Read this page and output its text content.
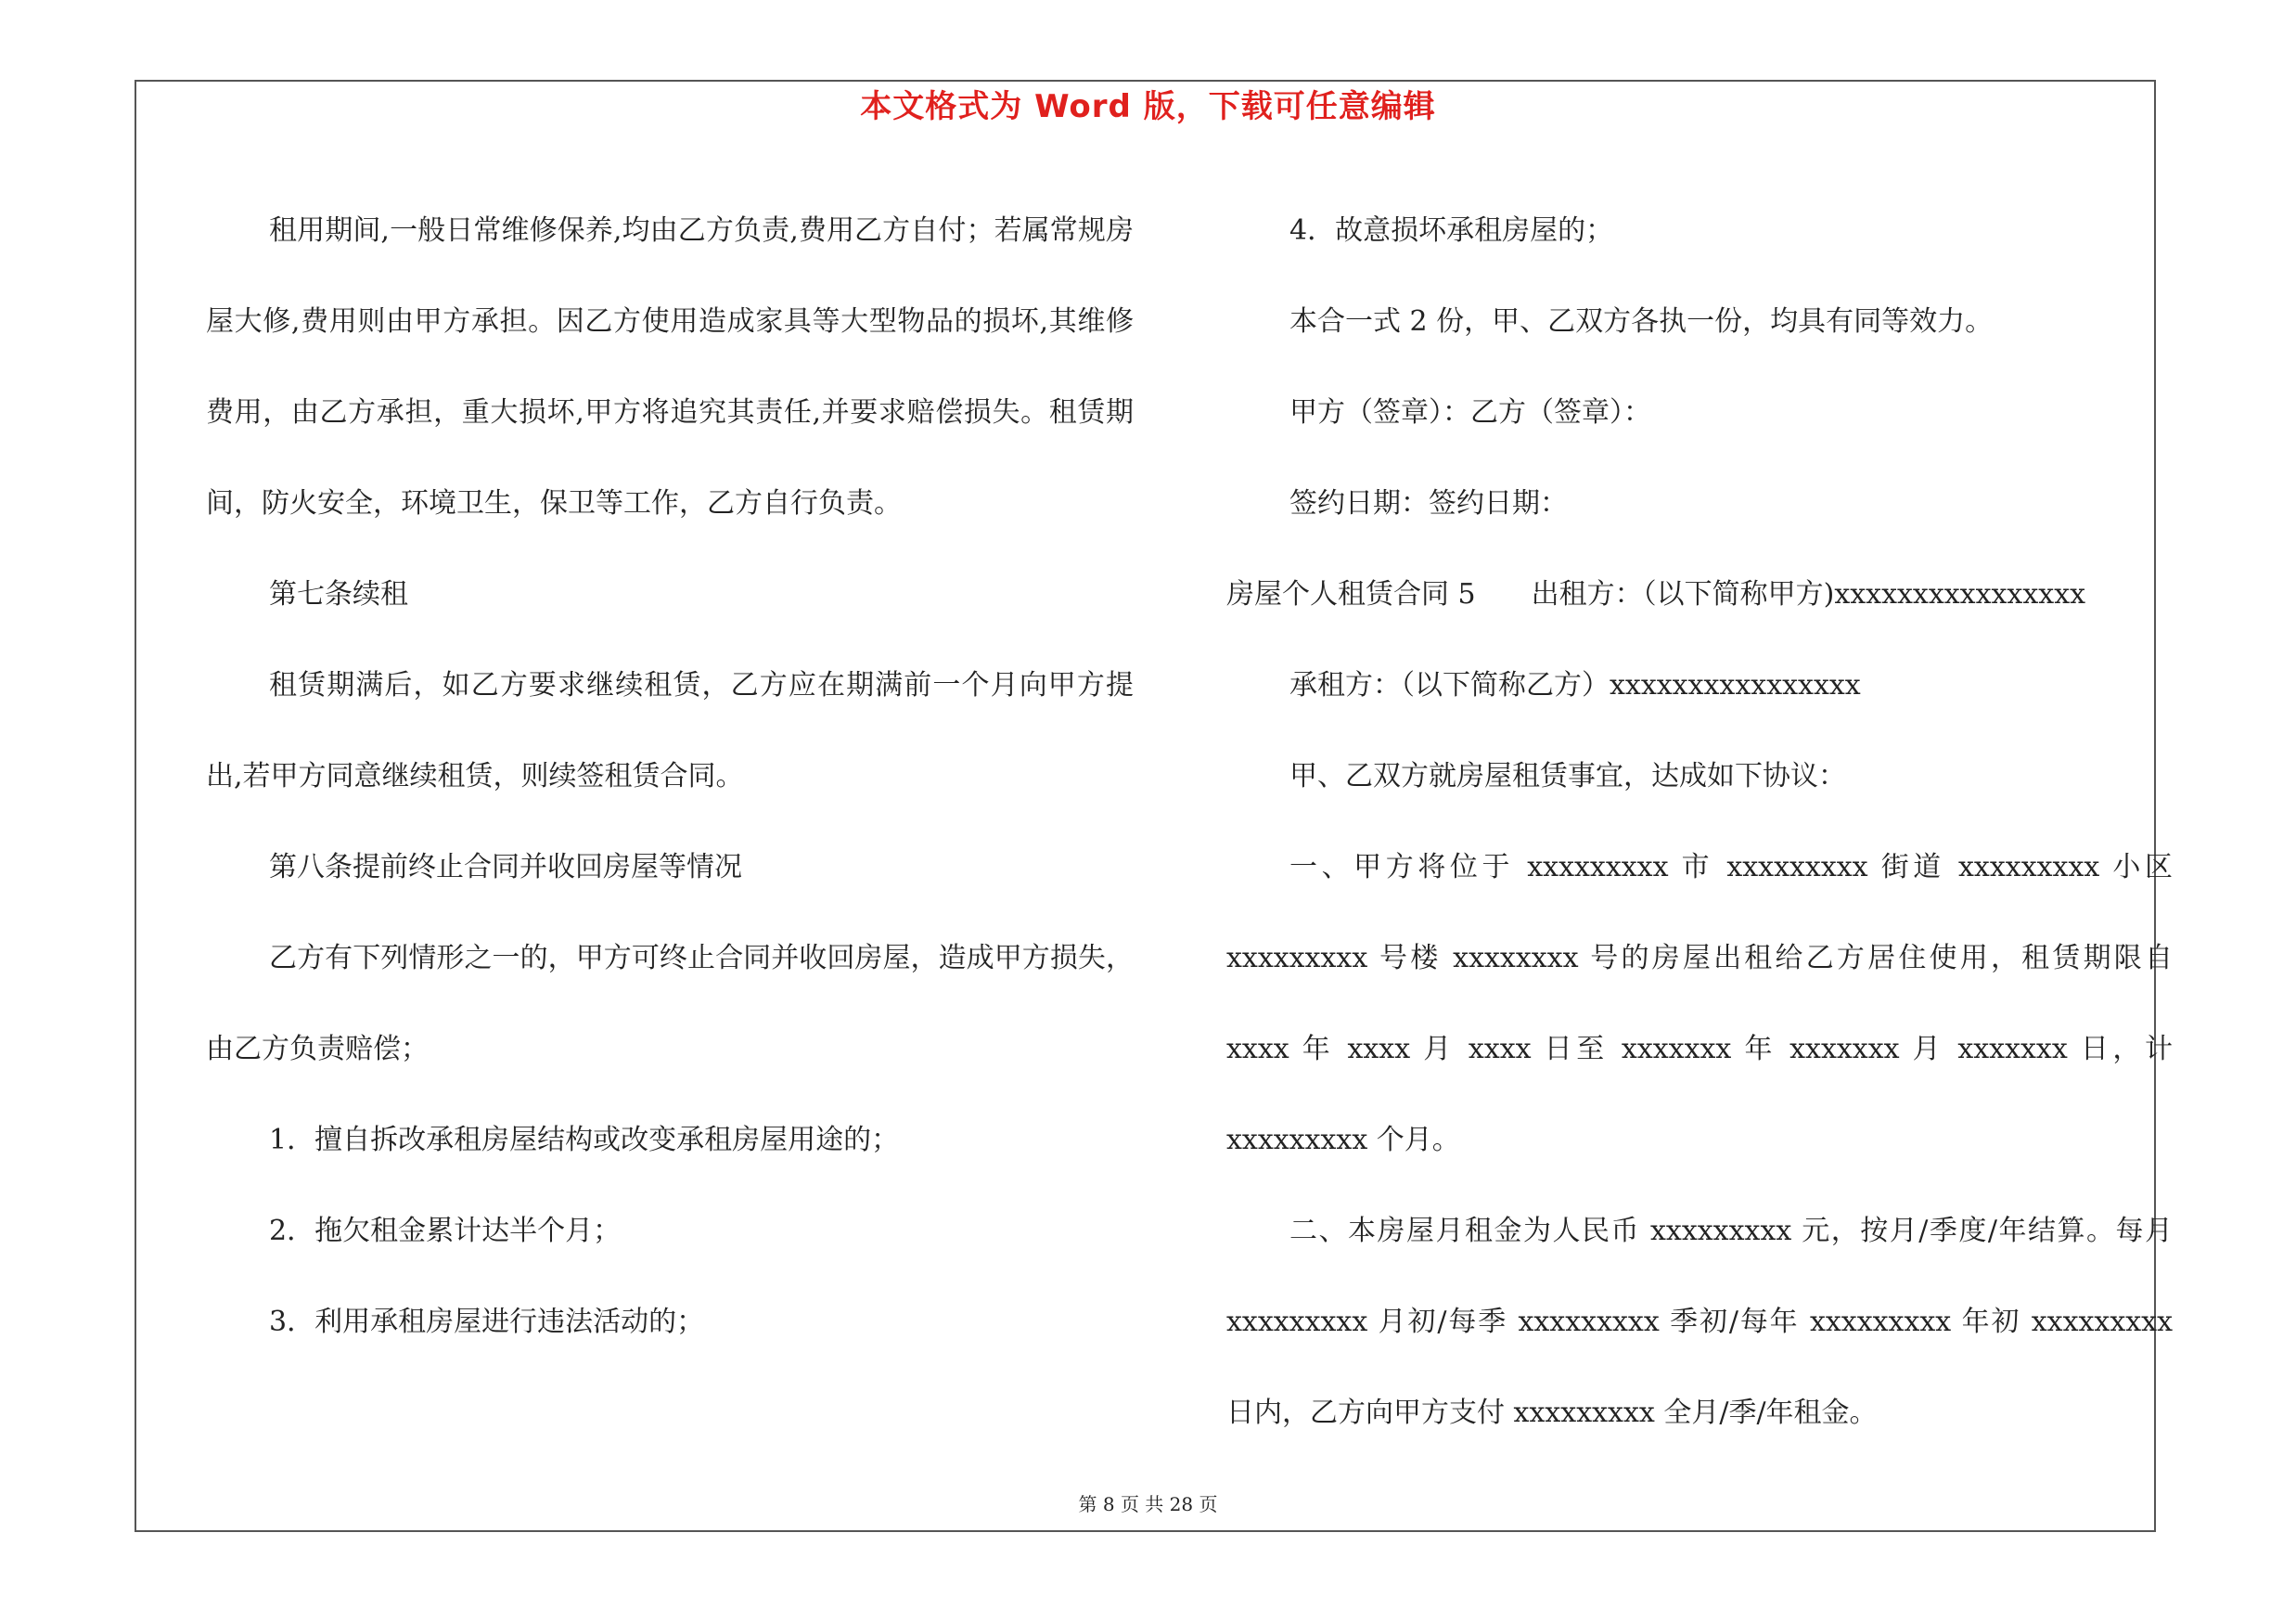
本文格式为 Word 版，下载可任意编辑

租用期间,一般日常维修保养,均由乙方负责,费用乙方自付；若属常规房屋大修,费用则由甲方承担。因乙方使用造成家具等大型物品的损坏,其维修费用，由乙方承担，重大损坏,甲方将追究其责任,并要求赔偿损失。租赁期间，防火安全，环境卫生，保卫等工作，乙方自行负责。

第七条续租

租赁期满后，如乙方要求继续租赁，乙方应在期满前一个月向甲方提出,若甲方同意继续租赁，则续签租赁合同。

第八条提前终止合同并收回房屋等情况

乙方有下列情形之一的，甲方可终止合同并收回房屋，造成甲方损失，由乙方负责赔偿；

1．擅自拆改承租房屋结构或改变承租房屋用途的；

2．拖欠租金累计达半个月；

3．利用承租房屋进行违法活动的；

4．故意损坏承租房屋的；

本合一式 2 份，甲、乙双方各执一份，均具有同等效力。

甲方（签章）：乙方（签章）：

签约日期：签约日期：

房屋个人租赁合同 5　　出租方：（以下简称甲方)xxxxxxxxxxxxxxxx

承租方：（以下简称乙方）xxxxxxxxxxxxxxxx

甲、乙双方就房屋租赁事宜，达成如下协议：

一、甲方将位于 xxxxxxxxx 市 xxxxxxxxx 街道 xxxxxxxxx 小区 xxxxxxxxx 号楼 xxxxxxxx 号的房屋出租给乙方居住使用，租赁期限自 xxxx 年 xxxx 月 xxxx 日至 xxxxxxx 年 xxxxxxx 月 xxxxxxx 日，计 xxxxxxxxx 个月。

二、本房屋月租金为人民币 xxxxxxxxx 元，按月/季度/年结算。每月 xxxxxxxxx 月初/每季 xxxxxxxxx 季初/每年 xxxxxxxxx 年初 xxxxxxxxx 日内，乙方向甲方支付 xxxxxxxxx 全月/季/年租金。

第 8 页 共 28 页
